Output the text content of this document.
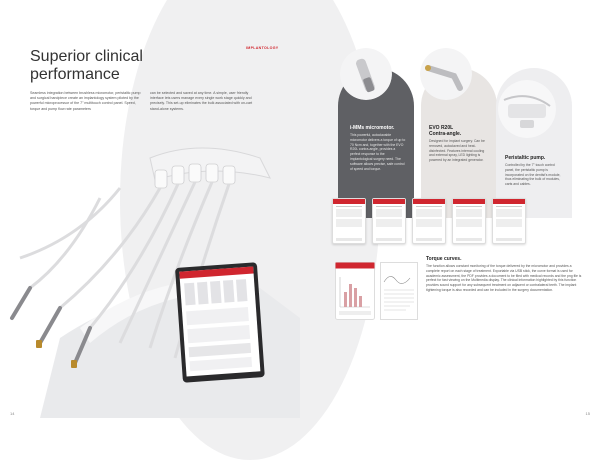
Superior clinical
performance
Seamless integration between brushless micromotor, peristaltic pump and surgical handpiece create an implantology system piloted by the powerful microprocessor of the 7" multitouch control panel. Speed, torque and pump flow rate parameters
can be selected and saved at any time. A simple, user friendly interface lets users manage every single work stage quickly and precisely. This set-up eliminates the bulk associated with on-cart stand-alone systems.
IMPLANTOLOGY
14
i-MMs micromotor.
This powerful, autoclavable micromotor delivers a torque of up to 70 Ncm and, together with the EVO R20L contra-angle, provides a perfect response to the implantological surgery need. The software allows precise, safe control of speed and torque.
EVO R20L
Contra-angle.
Designed for implant surgery. Can be removed, autoclaved and heat-disinfected. Features internal cooling and external spray, LED lighting is powered by an integrated generator.	Peristaltic pump.
Controlled by the 7" touch control panel, the peristaltic pump is incorporated on the dentist's module, thus eliminating the bulk of modules, carts and cables.
Torque curves.
The function allows constant monitoring of the torque delivered by the micromotor and provides a complete report on each stage of treatment. Exportable via USB stick, the curve format is used for academic assessment, the PDF provides a document to be filed with medical records and the png file is perfect for fast viewing on the Multimedia display. The clinical information highlighted by this function provides sound support for any subsequent treatment on adjacent or contralateral teeth. The implant tightening torque is also recorded and can be included in the surgery documentation.
15
